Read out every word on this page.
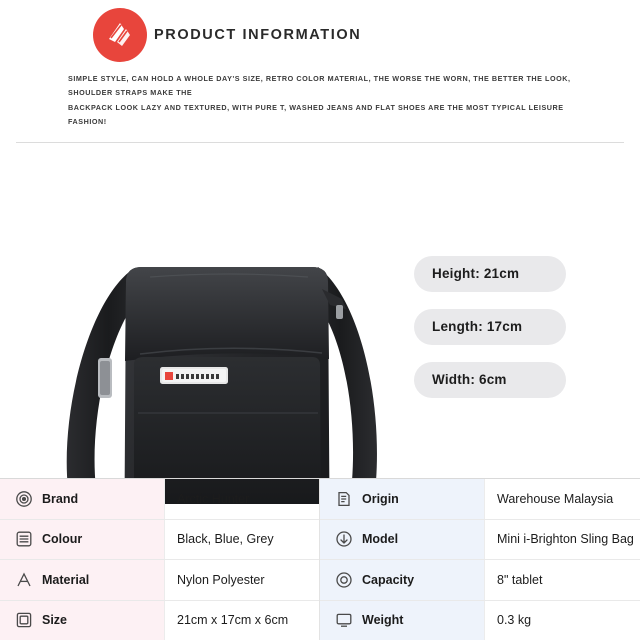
PRODUCT INFORMATION
SIMPLE STYLE, CAN HOLD A WHOLE DAY'S SIZE, RETRO COLOR MATERIAL, THE WORSE THE WORN, THE BETTER THE LOOK, SHOULDER STRAPS MAKE THE
BACKPACK LOOK LAZY AND TEXTURED, WITH PURE T, WASHED JEANS AND FLAT SHOES ARE THE MOST TYPICAL LEISURE FASHION!
Height: 21cm
Length: 17cm
Width: 6cm
Brand	Arctic Hunter
Colour	Black, Blue, Grey
Material	Nylon Polyester
Size	21cm x 17cm x 6cm
Origin	Warehouse Malaysia
Model	Mini i-Brighton Sling Bag
Capacity	8" tablet
Weight	0.3 kg
